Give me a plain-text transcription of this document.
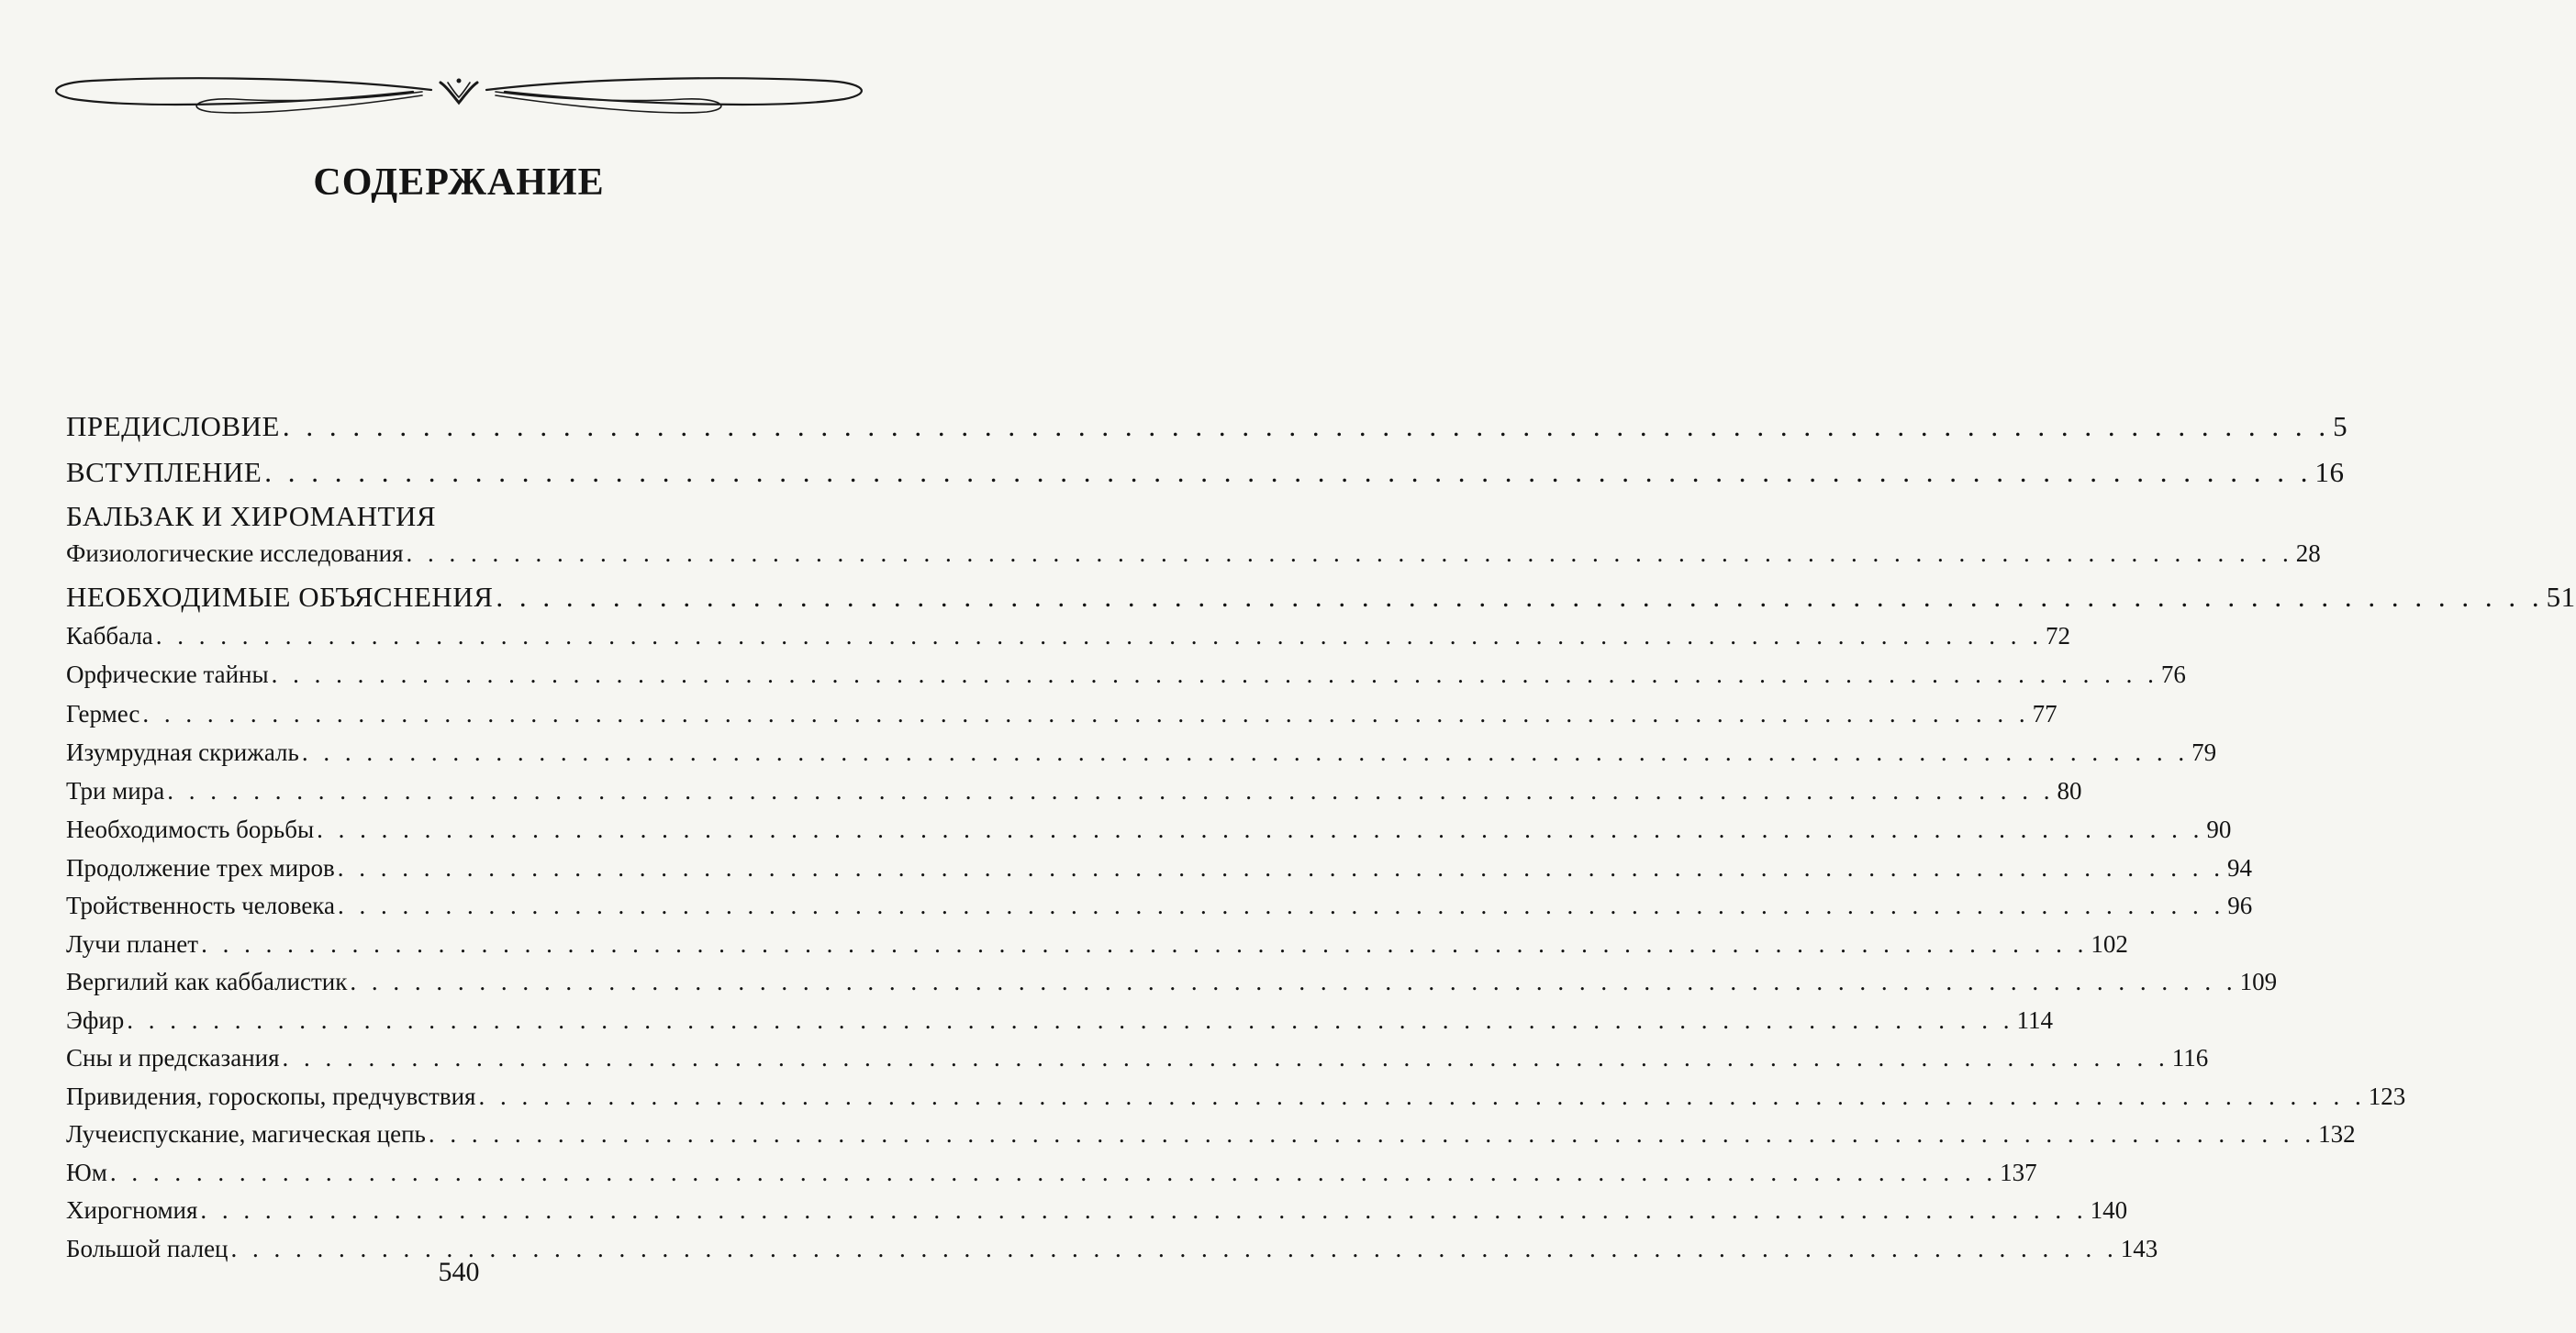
СОДЕРЖАНИЕ
ПРЕДИСЛОВИЕ . . . . . . . . . . . . . . . . . . . . . . . . . . . . . . . . . . . . . . . . . . . . . . . . . . . . . . . . . . . . . . . . . . . . . . . . . . . . . . . . . . . . . . . . 5
ВСТУПЛЕНИЕ . . . . . . . . . . . . . . . . . . . . . . . . . . . . . . . . . . . . . . . . . . . . . . . . . . . . . . . . . . . . . . . . . . . . . . . . . . . . . . . . . . . . . . . . 16
БАЛЬЗАК И ХИРОМАНТИЯ
Физиологические исследования . . . . . . . . . . . . . . . . . . . . . . . . . . . . . . . . . . . . . . . . . . . . . . . . . . . . . . . . . . . . . . . . . . . . . . . . . . . . . . . . . . . . . . . . 28
НЕОБХОДИМЫЕ ОБЪЯСНЕНИЯ . . . . . . . . . . . . . . . . . . . . . . . . . . . . . . . . . . . . . . . . . . . . . . . . . . . . . . . . . . . . . . . . . . . . . . . . . . . . . . . . . . . . . . . . 51
Каббала . . . . . . . . . . . . . . . . . . . . . . . . . . . . . . . . . . . . . . . . . . . . . . . . . . . . . . . . . . . . . . . . . . . . . . . . . . . . . . . . . . . . . . . . 72
Орфические тайны . . . . . . . . . . . . . . . . . . . . . . . . . . . . . . . . . . . . . . . . . . . . . . . . . . . . . . . . . . . . . . . . . . . . . . . . . . . . . . . . . . . . . . . . 76
Гермес . . . . . . . . . . . . . . . . . . . . . . . . . . . . . . . . . . . . . . . . . . . . . . . . . . . . . . . . . . . . . . . . . . . . . . . . . . . . . . . . . . . . . . . . 77
Изумрудная скрижаль . . . . . . . . . . . . . . . . . . . . . . . . . . . . . . . . . . . . . . . . . . . . . . . . . . . . . . . . . . . . . . . . . . . . . . . . . . . . . . . . . . . . . . . . 79
Три мира . . . . . . . . . . . . . . . . . . . . . . . . . . . . . . . . . . . . . . . . . . . . . . . . . . . . . . . . . . . . . . . . . . . . . . . . . . . . . . . . . . . . . . . . 80
Необходимость борьбы . . . . . . . . . . . . . . . . . . . . . . . . . . . . . . . . . . . . . . . . . . . . . . . . . . . . . . . . . . . . . . . . . . . . . . . . . . . . . . . . . . . . . . . . 90
Продолжение трех миров . . . . . . . . . . . . . . . . . . . . . . . . . . . . . . . . . . . . . . . . . . . . . . . . . . . . . . . . . . . . . . . . . . . . . . . . . . . . . . . . . . . . . . . . 94
Тройственность человека . . . . . . . . . . . . . . . . . . . . . . . . . . . . . . . . . . . . . . . . . . . . . . . . . . . . . . . . . . . . . . . . . . . . . . . . . . . . . . . . . . . . . . . . 96
Лучи планет . . . . . . . . . . . . . . . . . . . . . . . . . . . . . . . . . . . . . . . . . . . . . . . . . . . . . . . . . . . . . . . . . . . . . . . . . . . . . . . . . . . . . . . . 102
Вергилий как каббалистик . . . . . . . . . . . . . . . . . . . . . . . . . . . . . . . . . . . . . . . . . . . . . . . . . . . . . . . . . . . . . . . . . . . . . . . . . . . . . . . . . . . . . . . . 109
Эфир . . . . . . . . . . . . . . . . . . . . . . . . . . . . . . . . . . . . . . . . . . . . . . . . . . . . . . . . . . . . . . . . . . . . . . . . . . . . . . . . . . . . . . . . 114
Сны и предсказания . . . . . . . . . . . . . . . . . . . . . . . . . . . . . . . . . . . . . . . . . . . . . . . . . . . . . . . . . . . . . . . . . . . . . . . . . . . . . . . . . . . . . . . . 116
Привидения, гороскопы, предчувствия . . . . . . . . . . . . . . . . . . . . . . . . . . . . . . . . . . . . . . . . . . . . . . . . . . . . . . . . . . . . . . . . . . . . . . . . . . . . . . . . . . . . . . . . 123
Лучеиспускание, магическая цепь . . . . . . . . . . . . . . . . . . . . . . . . . . . . . . . . . . . . . . . . . . . . . . . . . . . . . . . . . . . . . . . . . . . . . . . . . . . . . . . . . . . . . . . . 132
Юм . . . . . . . . . . . . . . . . . . . . . . . . . . . . . . . . . . . . . . . . . . . . . . . . . . . . . . . . . . . . . . . . . . . . . . . . . . . . . . . . . . . . . . . . 137
Хирогномия . . . . . . . . . . . . . . . . . . . . . . . . . . . . . . . . . . . . . . . . . . . . . . . . . . . . . . . . . . . . . . . . . . . . . . . . . . . . . . . . . . . . . . . . 140
Большой палец . . . . . . . . . . . . . . . . . . . . . . . . . . . . . . . . . . . . . . . . . . . . . . . . . . . . . . . . . . . . . . . . . . . . . . . . . . . . . . . . . . . . . . . . 143
540
